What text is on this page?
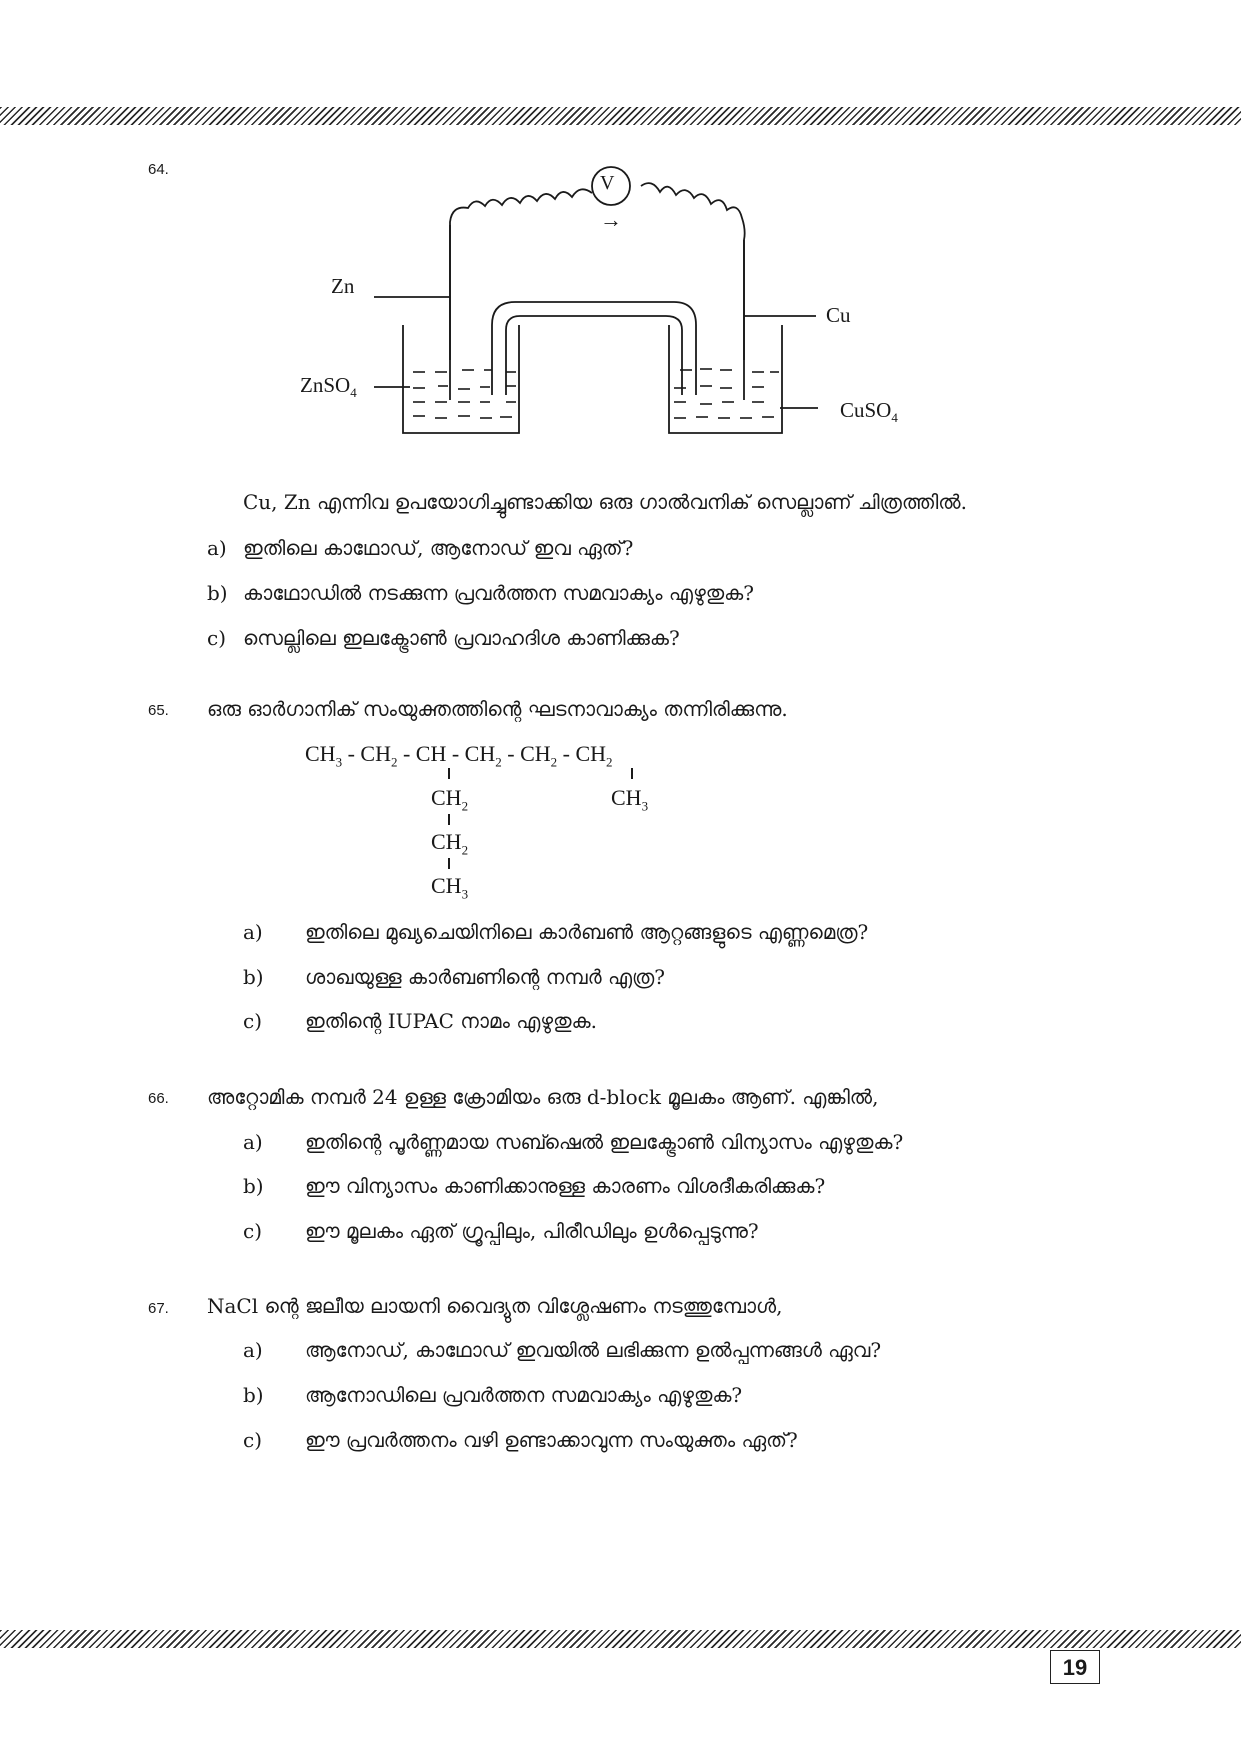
64.
V
→
Zn
Cu
ZnSO$_4$
CuSO$_4$
Cu, Zn എന്നിവ ഉപയോഗിച്ചുണ്ടാക്കിയ ഒരു ഗാൽവനിക് സെല്ലാണ് ചിത്രത്തിൽ.
a) ഇതിലെ കാഥോഡ്, ആനോഡ് ഇവ ഏത്?
b) കാഥോഡിൽ നടക്കുന്ന പ്രവർത്തന സമവാക്യം എഴുതുക?
c) സെല്ലിലെ ഇലക്ട്രോൺ പ്രവാഹദിശ കാണിക്കുക?
65. ഒരു ഓർഗാനിക് സംയുക്തത്തിന്റെ ഘടനാവാക്യം തന്നിരിക്കുന്നു.
$CH_3 - CH_2$ - CH - $CH_2 - CH_2 - CH_2$
$CH_2$	$CH_3$
$CH_2$
$CH_3$
a) ഇതിലെ മുഖ്യചെയിനിലെ കാർബൺ ആറ്റങ്ങളുടെ എണ്ണമെത്ര?
b) ശാഖയുള്ള കാർബണിന്റെ നമ്പർ എത്ര?
c) ഇതിന്റെ IUPAC നാമം എഴുതുക.
66. അറ്റോമിക നമ്പർ 24 ഉള്ള ക്രോമിയം ഒരു d-block മൂലകം ആണ്. എങ്കിൽ,
a) ഇതിന്റെ പൂർണ്ണമായ സബ്ഷെൽ ഇലക്ട്രോൺ വിന്യാസം എഴുതുക?
b) ഈ വിന്യാസം കാണിക്കാനുള്ള കാരണം വിശദീകരിക്കുക?
c) ഈ മൂലകം ഏത് ഗ്രൂപ്പിലും, പിരീഡിലും ഉൾപ്പെടുന്നു?
67. NaCl ന്റെ ജലീയ ലായനി വൈദ്യുത വിശ്ലേഷണം നടത്തുമ്പോൾ,
a) ആനോഡ്, കാഥോഡ് ഇവയിൽ ലഭിക്കുന്ന ഉൽപ്പന്നങ്ങൾ ഏവ?
b) ആനോഡിലെ പ്രവർത്തന സമവാക്യം എഴുതുക?
c) ഈ പ്രവർത്തനം വഴി ഉണ്ടാക്കാവുന്ന സംയുക്തം ഏത്?
19
